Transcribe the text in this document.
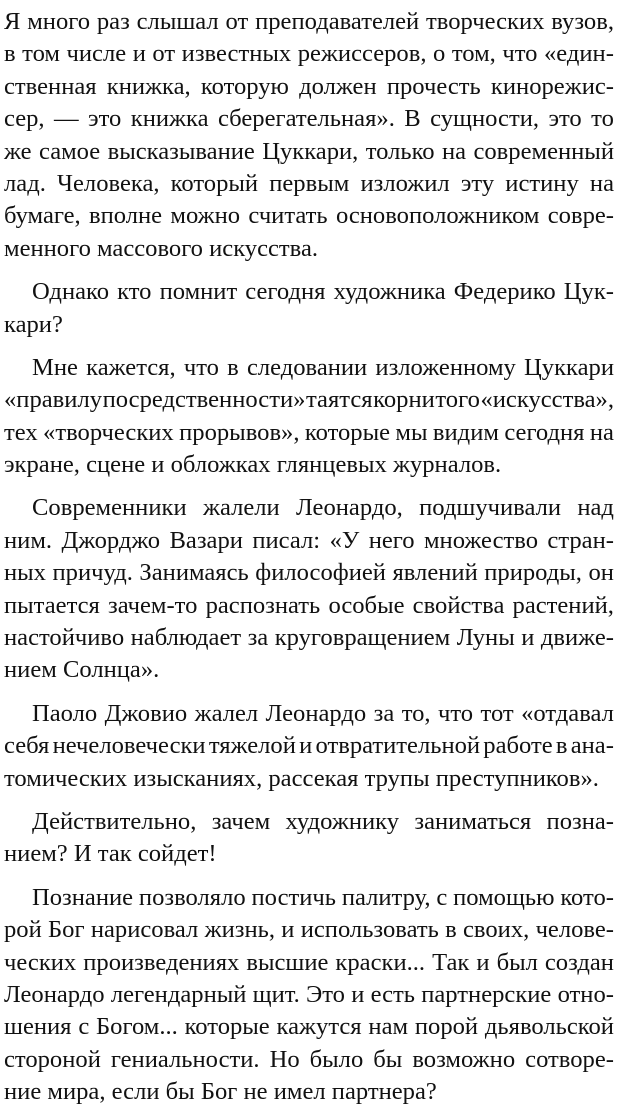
Я много раз слышал от преподавателей творческих вузов,
в том числе и от известных режиссеров, о том, что «един-
ственная книжка, которую должен прочесть кинорежис-
сер, — это книжка сберегательная». В сущности, это то
же самое высказывание Цуккари, только на современный
лад. Человека, который первым изложил эту истину на
бумаге, вполне можно считать основоположником совре-
менного массового искусства.
Однако кто помнит сегодня художника Федерико Цук-
кари?
Мне кажется, что в следовании изложенному Цуккари
«правилу посредственности» таятся корни того «искусства»,
тех «творческих прорывов», которые мы видим сегодня на
экране, сцене и обложках глянцевых журналов.
Современники жалели Леонардо, подшучивали над
ним. Джорджо Вазари писал: «У него множество стран-
ных причуд. Занимаясь философией явлений природы, он
пытается зачем-то распознать особые свойства растений,
настойчиво наблюдает за круговращением Луны и движе-
нием Солнца».
Паоло Джовио жалел Леонардо за то, что тот «отдавал
себя нечеловечески тяжелой и отвратительной работе в ана-
томических изысканиях, рассекая трупы преступников».
Действительно, зачем художнику заниматься позна-
нием? И так сойдет!
Познание позволяло постичь палитру, с помощью кото-
рой Бог нарисовал жизнь, и использовать в своих, челове-
ческих произведениях высшие краски... Так и был создан
Леонардо легендарный щит. Это и есть партнерские отно-
шения с Богом... которые кажутся нам порой дьявольской
стороной гениальности. Но было бы возможно сотворе-
ние мира, если бы Бог не имел партнера?
